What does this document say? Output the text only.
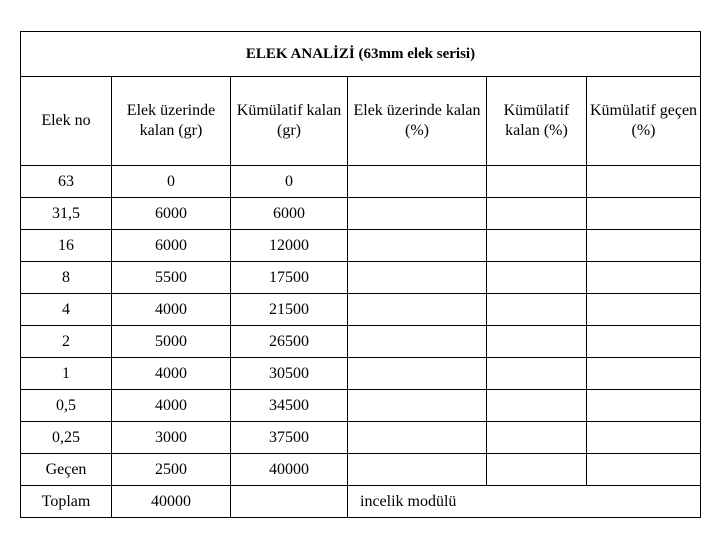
ELEK ANALİZİ (63mm elek serisi)					
Elek no	Elek üzerinde kalan (gr)	Kümülatif kalan (gr)	Elek üzerinde kalan (%)	Kümülatif kalan (%)	Kümülatif geçen (%)
63	0	0			
31,5	6000	6000			
16	6000	12000			
8	5500	17500			
4	4000	21500			
2	5000	26500			
1	4000	30500			
0,5	4000	34500			
0,25	3000	37500			
Geçen	2500	40000			
Toplam	40000		incelik modülü		
